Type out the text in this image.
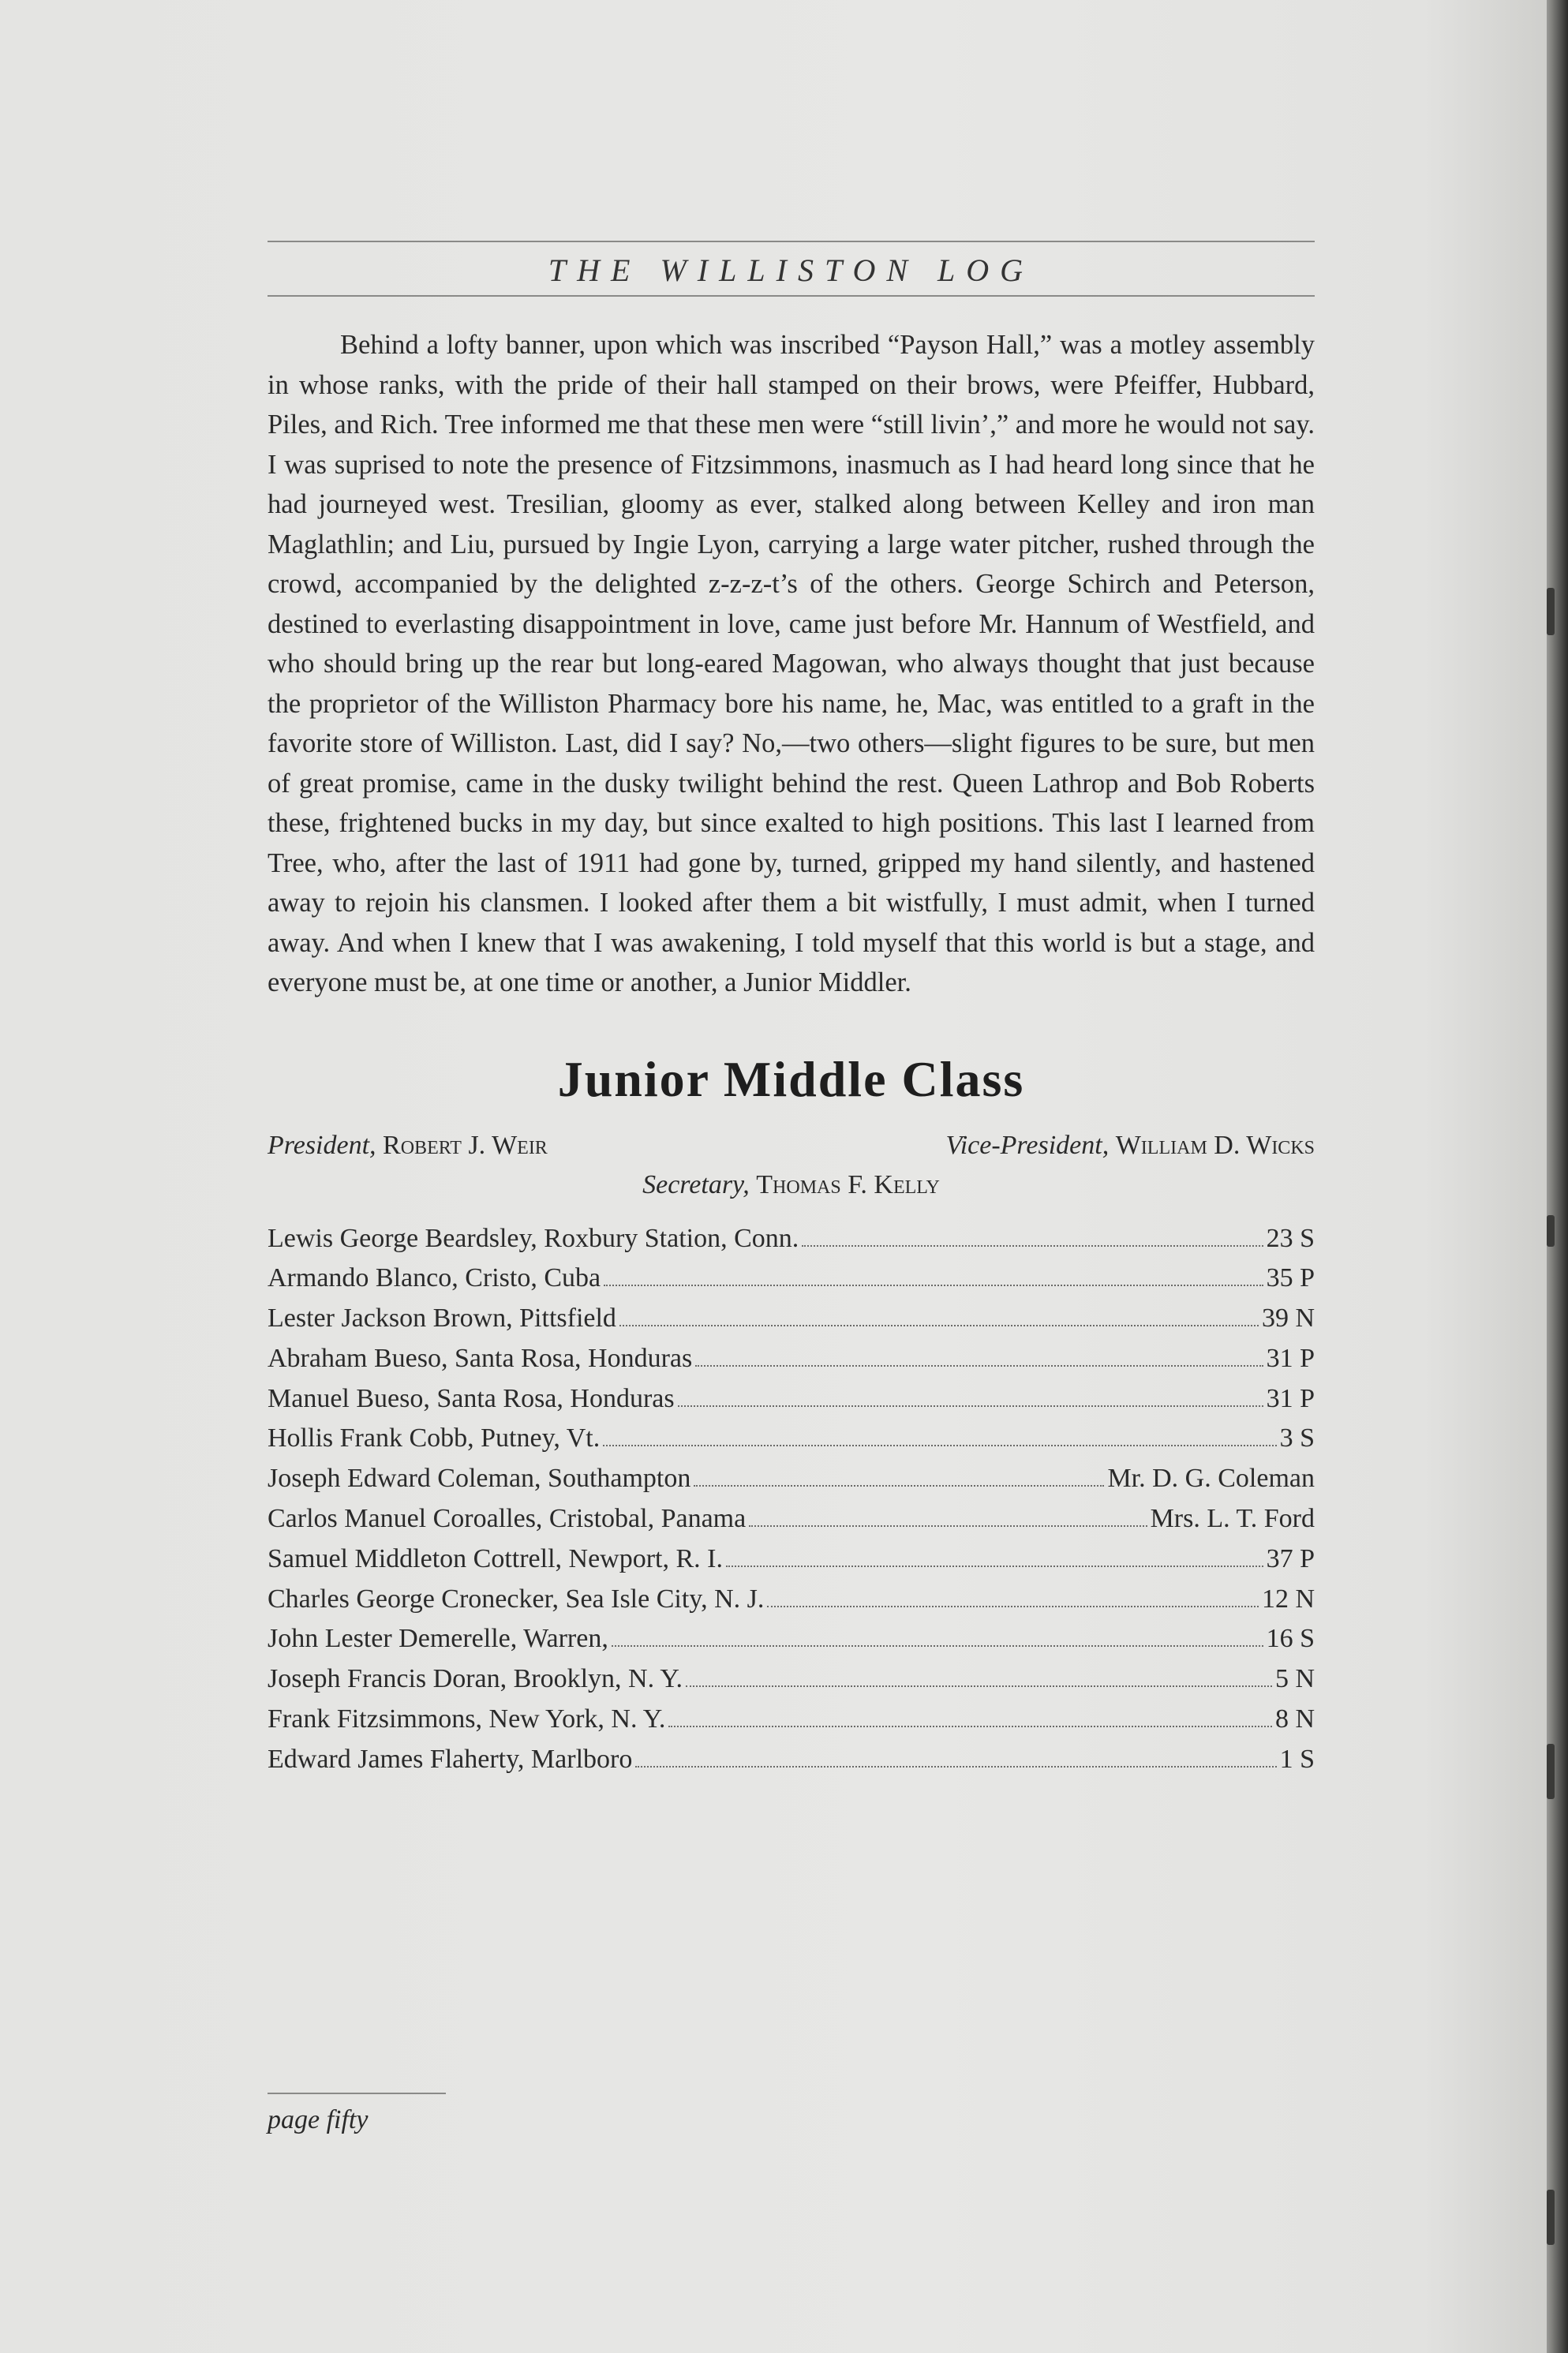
THE WILLISTON LOG

Behind a lofty banner, upon which was inscribed “Payson Hall,” was a motley assembly in whose ranks, with the pride of their hall stamped on their brows, were Pfeiffer, Hubbard, Piles, and Rich. Tree informed me that these men were “still livin’,” and more he would not say. I was suprised to note the presence of Fitzsimmons, inasmuch as I had heard long since that he had journeyed west. Tresilian, gloomy as ever, stalked along between Kelley and iron man Maglathlin; and Liu, pursued by Ingie Lyon, carrying a large water pitcher, rushed through the crowd, accompanied by the delighted z-z-z-t’s of the others. George Schirch and Peterson, destined to everlasting disappointment in love, came just before Mr. Hannum of Westfield, and who should bring up the rear but long-eared Magowan, who always thought that just because the proprietor of the Williston Pharmacy bore his name, he, Mac, was entitled to a graft in the favorite store of Williston. Last, did I say? No,—two others—slight figures to be sure, but men of great promise, came in the dusky twilight behind the rest. Queen Lathrop and Bob Roberts these, frightened bucks in my day, but since exalted to high positions. This last I learned from Tree, who, after the last of 1911 had gone by, turned, gripped my hand silently, and hastened away to rejoin his clansmen. I looked after them a bit wistfully, I must admit, when I turned away. And when I knew that I was awakening, I told myself that this world is but a stage, and everyone must be, at one time or another, a Junior Middler.

Junior Middle Class
President, Robert J. Weir	Vice-President, William D. Wicks
Secretary, Thomas F. Kelly
Lewis George Beardsley, Roxbury Station, Conn.	23 S
Armando Blanco, Cristo, Cuba	35 P
Lester Jackson Brown, Pittsfield	39 N
Abraham Bueso, Santa Rosa, Honduras	31 P
Manuel Bueso, Santa Rosa, Honduras	31 P
Hollis Frank Cobb, Putney, Vt.	3 S
Joseph Edward Coleman, Southampton	Mr. D. G. Coleman
Carlos Manuel Coroalles, Cristobal, Panama	Mrs. L. T. Ford
Samuel Middleton Cottrell, Newport, R. I.	37 P
Charles George Cronecker, Sea Isle City, N. J.	12 N
John Lester Demerelle, Warren,	16 S
Joseph Francis Doran, Brooklyn, N. Y.	5 N
Frank Fitzsimmons, New York, N. Y.	8 N
Edward James Flaherty, Marlboro	1 S
page fifty
